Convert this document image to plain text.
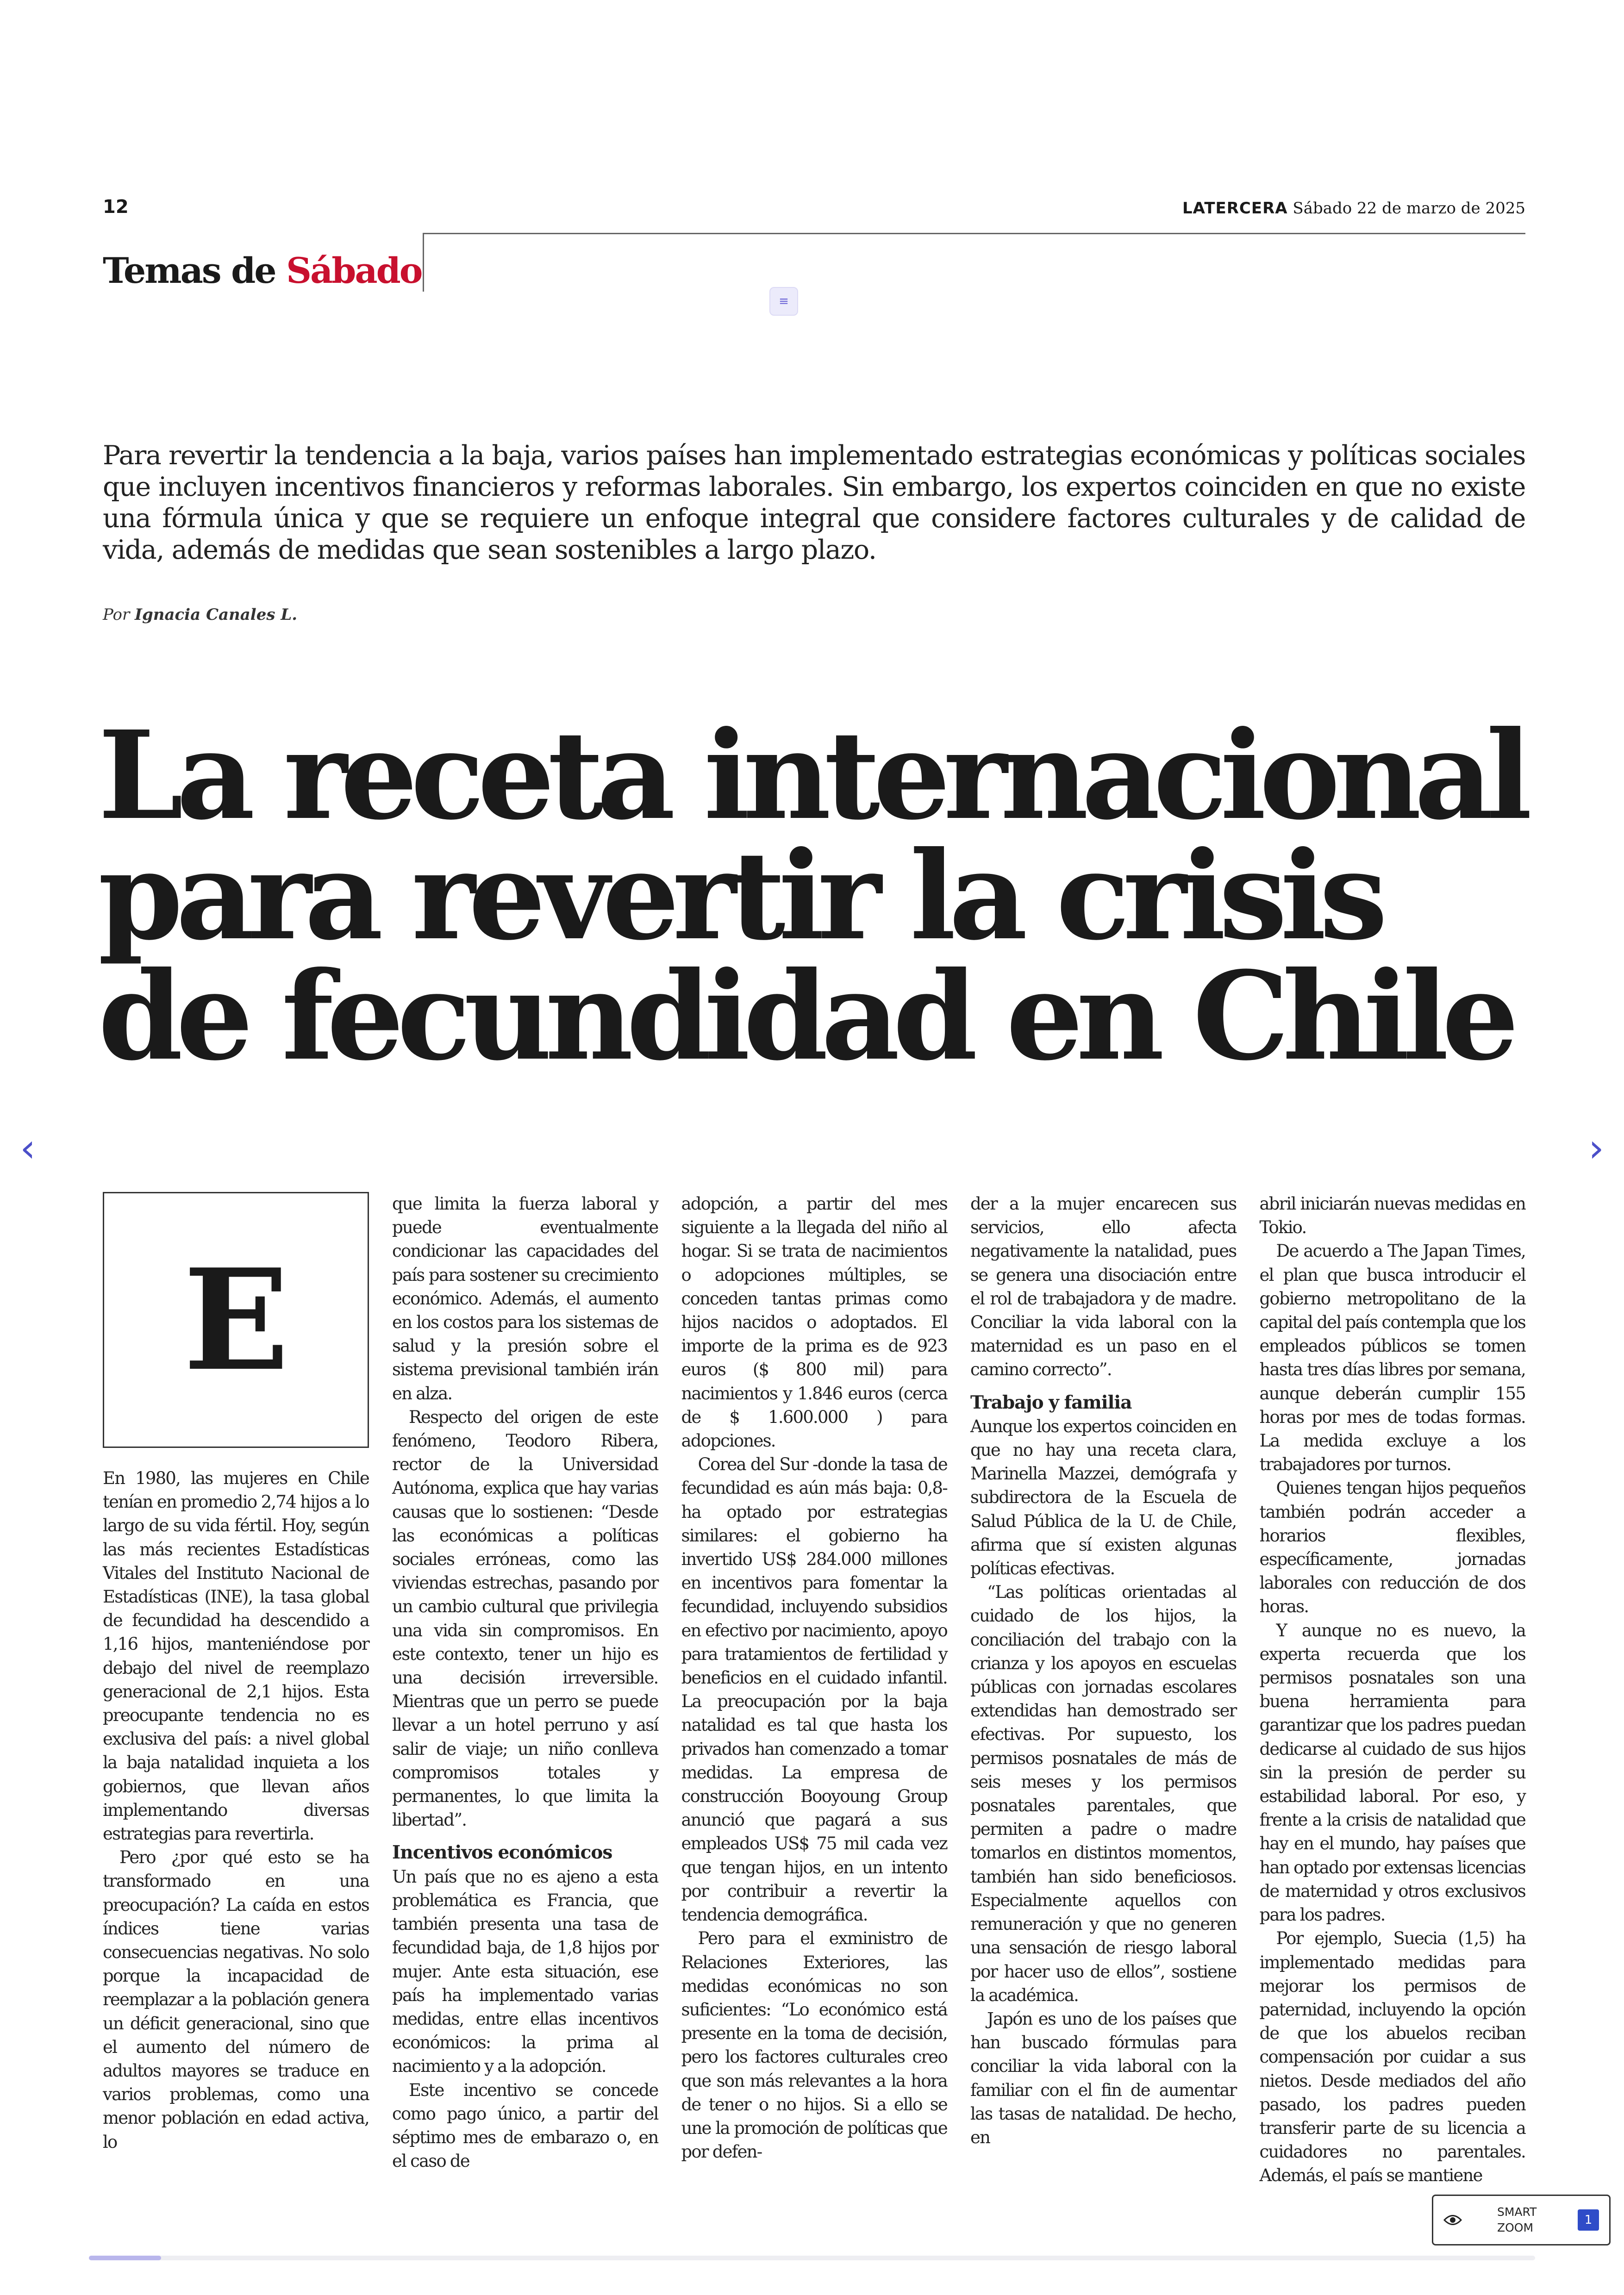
12	LATERCERA Sábado 22 de marzo de 2025
Temas de Sábado
≡
Para revertir la tendencia a la baja, varios países han implementado estrategias económicas y políticas sociales que incluyen incentivos financieros y reformas laborales. Sin embargo, los expertos coinciden en que no existe una fórmula única y que se requiere un enfoque integral que considere factores culturales y de calidad de vida, además de medidas que sean sostenibles a largo plazo.
Por Ignacia Canales L.
La receta internacional
para revertir la crisis
de fecundidad en Chile
‹	›
E

En 1980, las mujeres en Chile tenían en promedio 2,74 hijos a lo largo de su vida fértil. Hoy, según las más recientes Estadísticas Vitales del Instituto Nacional de Estadísticas (INE), la tasa global de fecundidad ha descendido a 1,16 hijos, manteniéndose por debajo del nivel de reemplazo generacional de 2,1 hijos. Esta preocupante tendencia no es exclusiva del país: a nivel global la baja natalidad inquieta a los gobiernos, que llevan años implementando diversas estrategias para revertirla.

Pero ¿por qué esto se ha transformado en una preocupación? La caída en estos índices tiene varias consecuencias negativas. No solo porque la incapacidad de reemplazar a la población genera un déficit generacional, sino que el aumento del número de adultos mayores se traduce en varios problemas, como una menor población en edad activa, lo

que limita la fuerza laboral y puede eventualmente condicionar las capacidades del país para sostener su crecimiento económico. Además, el aumento en los costos para los sistemas de salud y la presión sobre el sistema previsional también irán en alza.

Respecto del origen de este fenómeno, Teodoro Ribera, rector de la Universidad Autónoma, explica que hay varias causas que lo sostienen: “Desde las económicas a políticas sociales erróneas, como las viviendas estrechas, pasando por un cambio cultural que privilegia una vida sin compromisos. En este contexto, tener un hijo es una decisión irreversible. Mientras que un perro se puede llevar a un hotel perruno y así salir de viaje; un niño conlleva compromisos totales y permanentes, lo que limita la libertad”.

Incentivos económicos

Un país que no es ajeno a esta problemática es Francia, que también presenta una tasa de fecundidad baja, de 1,8 hijos por mujer. Ante esta situación, ese país ha implementado varias medidas, entre ellas incentivos económicos: la prima al nacimiento y a la adopción.

Este incentivo se concede como pago único, a partir del séptimo mes de embarazo o, en el caso de

adopción, a partir del mes siguiente a la llegada del niño al hogar. Si se trata de nacimientos o adopciones múltiples, se conceden tantas primas como hijos nacidos o adoptados. El importe de la prima es de 923 euros ($ 800 mil) para nacimientos y 1.846 euros (cerca de $ 1.600.000 ) para adopciones.

Corea del Sur -donde la tasa de fecundidad es aún más baja: 0,8- ha optado por estrategias similares: el gobierno ha invertido US$ 284.000 millones en incentivos para fomentar la fecundidad, incluyendo subsidios en efectivo por nacimiento, apoyo para tratamientos de fertilidad y beneficios en el cuidado infantil. La preocupación por la baja natalidad es tal que hasta los privados han comenzado a tomar medidas. La empresa de construcción Booyoung Group anunció que pagará a sus empleados US$ 75 mil cada vez que tengan hijos, en un intento por contribuir a revertir la tendencia demográfica.

Pero para el exministro de Relaciones Exteriores, las medidas económicas no son suficientes: “Lo económico está presente en la toma de decisión, pero los factores culturales creo que son más relevantes a la hora de tener o no hijos. Si a ello se une la promoción de políticas que por defen-

der a la mujer encarecen sus servicios, ello afecta negativamente la natalidad, pues se genera una disociación entre el rol de trabajadora y de madre. Conciliar la vida laboral con la maternidad es un paso en el camino correcto”.

Trabajo y familia

Aunque los expertos coinciden en que no hay una receta clara, Marinella Mazzei, demógrafa y subdirectora de la Escuela de Salud Pública de la U. de Chile, afirma que sí existen algunas políticas efectivas.

“Las políticas orientadas al cuidado de los hijos, la conciliación del trabajo con la crianza y los apoyos en escuelas públicas con jornadas escolares extendidas han demostrado ser efectivas. Por supuesto, los permisos posnatales de más de seis meses y los permisos posnatales parentales, que permiten a padre o madre tomarlos en distintos momentos, también han sido beneficiosos. Especialmente aquellos con remuneración y que no generen una sensación de riesgo laboral por hacer uso de ellos”, sostiene la académica.

Japón es uno de los países que han buscado fórmulas para conciliar la vida laboral con la familiar con el fin de aumentar las tasas de natalidad. De hecho, en

abril iniciarán nuevas medidas en Tokio.

De acuerdo a The Japan Times, el plan que busca introducir el gobierno metropolitano de la capital del país contempla que los empleados públicos se tomen hasta tres días libres por semana, aunque deberán cumplir 155 horas por mes de todas formas. La medida excluye a los trabajadores por turnos.

Quienes tengan hijos pequeños también podrán acceder a horarios flexibles, específicamente, jornadas laborales con reducción de dos horas.

Y aunque no es nuevo, la experta recuerda que los permisos posnatales son una buena herramienta para garantizar que los padres puedan dedicarse al cuidado de sus hijos sin la presión de perder su estabilidad laboral. Por eso, y frente a la crisis de natalidad que hay en el mundo, hay países que han optado por extensas licencias de maternidad y otros exclusivos para los padres.

Por ejemplo, Suecia (1,5) ha implementado medidas para mejorar los permisos de paternidad, incluyendo la opción de que los abuelos reciban compensación por cuidar a sus nietos. Desde mediados del año pasado, los padres pueden transferir parte de su licencia a cuidadores no parentales. Además, el país se mantiene

SMART
ZOOM
1
